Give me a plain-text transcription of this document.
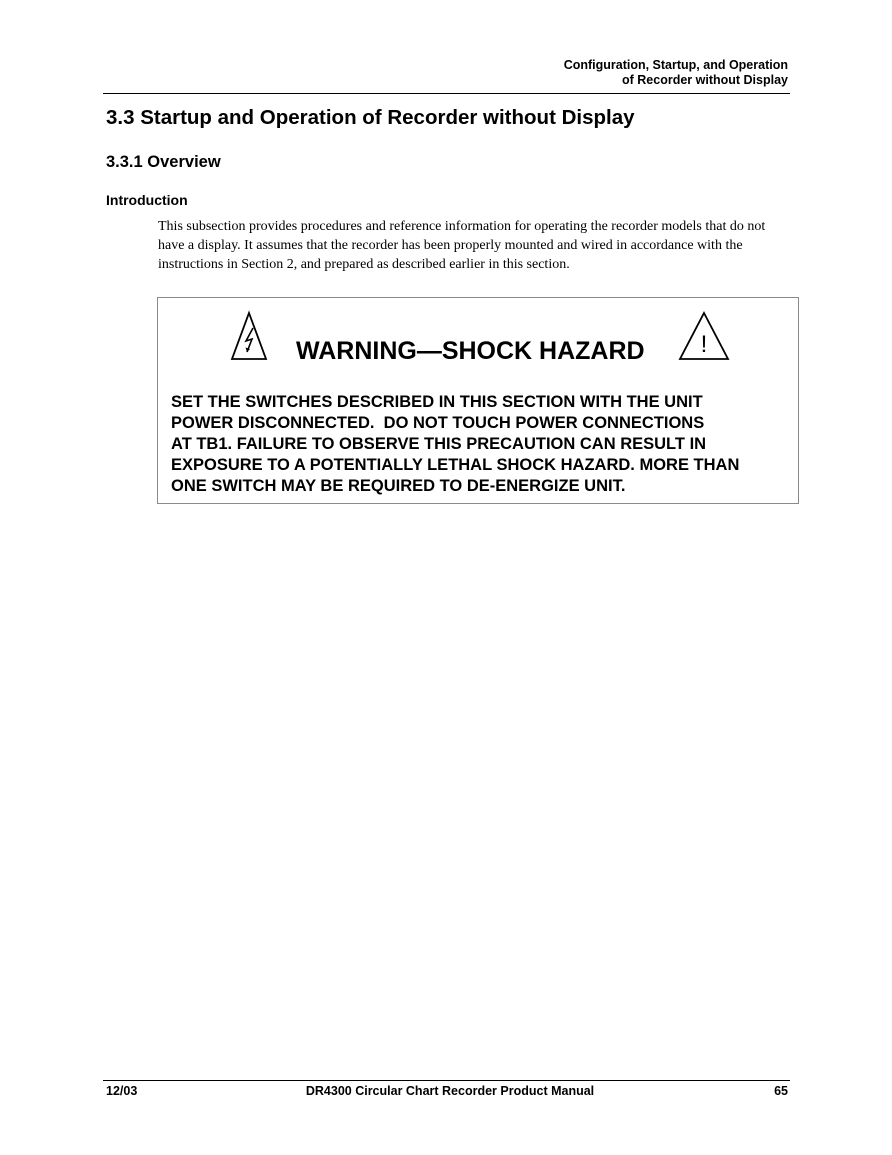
Configuration, Startup, and Operation
of Recorder without Display
3.3 Startup and Operation of Recorder without Display
3.3.1 Overview
Introduction

This subsection provides procedures and reference information for operating the recorder models that do not have a display. It assumes that the recorder has been properly mounted and wired in accordance with the instructions in Section 2, and prepared as described earlier in this section.

WARNING—SHOCK HAZARD !
SET THE SWITCHES DESCRIBED IN THIS SECTION WITH THE UNIT
POWER DISCONNECTED.  DO NOT TOUCH POWER CONNECTIONS
AT TB1. FAILURE TO OBSERVE THIS PRECAUTION CAN RESULT IN
EXPOSURE TO A POTENTIALLY LETHAL SHOCK HAZARD. MORE THAN
ONE SWITCH MAY BE REQUIRED TO DE-ENERGIZE UNIT.
12/03	DR4300 Circular Chart Recorder Product Manual	65
